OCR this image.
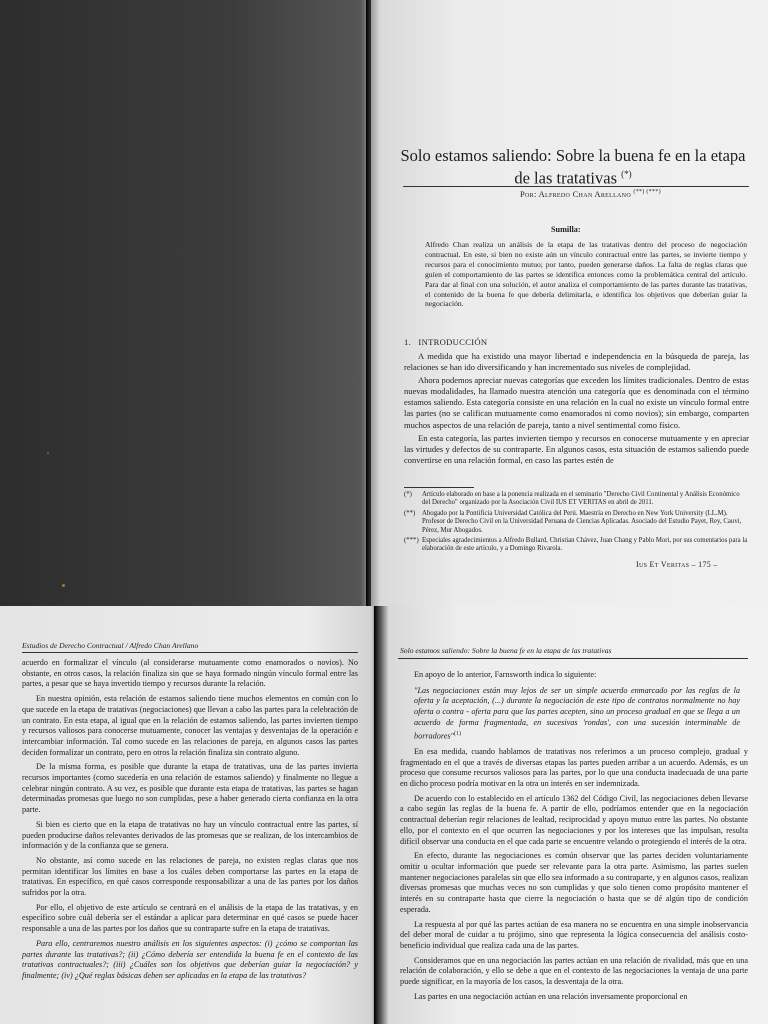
Solo estamos saliendo: Sobre la buena fe en la etapa de las tratativas (*)
Por: Alfredo Chan Arellano (**) (***)
Sumilla:
Alfredo Chan realiza un análisis de la etapa de las tratativas dentro del proceso de negociación contractual. En este, si bien no existe aún un vínculo contractual entre las partes, se invierte tiempo y recursos para el conocimiento mutuo; por tanto, pueden generarse daños. La falta de reglas claras que guíen el comportamiento de las partes se identifica entonces como la problemática central del artículo. Para dar al final con una solución, el autor analiza el comportamiento de las partes durante las tratativas, el contenido de la buena fe que debería delimitarla, e identifica los objetivos que deberían guiar la negociación.
1. INTRODUCCIÓN

A medida que ha existido una mayor libertad e independencia en la búsqueda de pareja, las relaciones se han ido diversificando y han incrementado sus niveles de complejidad.

Ahora podemos apreciar nuevas categorías que exceden los límites tradicionales. Dentro de estas nuevas modalidades, ha llamado nuestra atención una categoría que es denominada con el término estamos saliendo. Esta categoría consiste en una relación en la cual no existe un vínculo formal entre las partes (no se califican mutuamente como enamorados ni como novios); sin embargo, comparten muchos aspectos de una relación de pareja, tanto a nivel sentimental como físico.

En esta categoría, las partes invierten tiempo y recursos en conocerse mutuamente y en apreciar las virtudes y defectos de su contraparte. En algunos casos, esta situación de estamos saliendo puede convertirse en una relación formal, en caso las partes estén de

(*)	Artículo elaborado en base a la ponencia realizada en el seminario "Derecho Civil Continental y Análisis Económico del Derecho" organizado por la Asociación Civil IUS ET VERITAS en abril de 2011.
(**) Abogado por la Pontificia Universidad Católica del Perú. Maestría en Derecho en New York University (LL.M). Profesor de Derecho Civil en la Universidad Peruana de Ciencias Aplicadas. Asociado del Estudio Payet, Rey, Cauvi, Pérez, Mur Abogados.
(***) Especiales agradecimientos a Alfredo Bullard, Christian Chávez, Juan Chang y Pablo Mori, por sus comentarios para la elaboración de este artículo, y a Domingo Rivarola.
Ius Et Veritas – 175 –
Estudios de Derecho Contractual / Alfredo Chan Arellano

acuerdo en formalizar el vínculo (al considerarse mutuamente como enamorados o novios). No obstante, en otros casos, la relación finaliza sin que se haya formado ningún vínculo formal entre las partes, a pesar que se haya invertido tiempo y recursos durante la relación.

En nuestra opinión, esta relación de estamos saliendo tiene muchos elementos en común con lo que sucede en la etapa de tratativas (negociaciones) que llevan a cabo las partes para la celebración de un contrato. En esta etapa, al igual que en la relación de estamos saliendo, las partes invierten tiempo y recursos valiosos para conocerse mutuamente, conocer las ventajas y desventajas de la operación e intercambiar información. Tal como sucede en las relaciones de pareja, en algunos casos las partes deciden formalizar un contrato, pero en otros la relación finaliza sin contrato alguno.

De la misma forma, es posible que durante la etapa de tratativas, una de las partes invierta recursos importantes (como sucedería en una relación de estamos saliendo) y finalmente no llegue a celebrar ningún contrato. A su vez, es posible que durante esta etapa de tratativas, las partes se hagan determinadas promesas que luego no son cumplidas, pese a haber generado cierta confianza en la otra parte.

Si bien es cierto que en la etapa de tratativas no hay un vínculo contractual entre las partes, sí pueden producirse daños relevantes derivados de las promesas que se realizan, de los intercambios de información y de la confianza que se genera.

No obstante, así como sucede en las relaciones de pareja, no existen reglas claras que nos permitan identificar los límites en base a los cuáles deben comportarse las partes en la etapa de tratativas. En específico, en qué casos corresponde responsabilizar a una de las partes por los daños sufridos por la otra.

Por ello, el objetivo de este artículo se centrará en el análisis de la etapa de las tratativas, y en específico sobre cuál debería ser el estándar a aplicar para determinar en qué casos se puede hacer responsable a una de las partes por los daños que su contraparte sufre en la etapa de tratativas.

Para ello, centraremos nuestro análisis en los siguientes aspectos: (i) ¿cómo se comportan las partes durante las tratativas?; (ii) ¿Cómo debería ser entendida la buena fe en el contexto de las tratativas contractuales?; (iii) ¿Cuáles son los objetivos que deberían guiar la negociación? y finalmente; (iv) ¿Qué reglas básicas deben ser aplicadas en la etapa de las tratativas?

Solo estamos saliendo: Sobre la buena fe en la etapa de las tratativas

En apoyo de lo anterior, Farnsworth indica lo siguiente:

"Las negociaciones están muy lejos de ser un simple acuerdo enmarcado por las reglas de la oferta y la aceptación, (...) durante la negociación de este tipo de contratos normalmente no hay oferta o contra - oferta para que las partes acepten, sino un proceso gradual en que se llega a un acuerdo de forma fragmentada, en sucesivas 'rondas', con una sucesión interminable de borradores"$^{(1)}$

En esa medida, cuando hablamos de tratativas nos referimos a un proceso complejo, gradual y fragmentado en el que a través de diversas etapas las partes pueden arribar a un acuerdo. Además, es un proceso que consume recursos valiosos para las partes, por lo que una conducta inadecuada de una parte en dicho proceso podría motivar en la otra un interés en ser indemnizada.

De acuerdo con lo establecido en el artículo 1362 del Código Civil, las negociaciones deben llevarse a cabo según las reglas de la buena fe. A partir de ello, podríamos entender que en la negociación contractual deberían regir relaciones de lealtad, reciprocidad y apoyo mutuo entre las partes. No obstante ello, por el contexto en el que ocurren las negociaciones y por los intereses que las impulsan, resulta difícil observar una conducta en el que cada parte se encuentre velando o protegiendo el interés de la otra.

En efecto, durante las negociaciones es común observar que las partes deciden voluntariamente omitir u ocultar información que puede ser relevante para la otra parte. Asimismo, las partes suelen mantener negociaciones paralelas sin que ello sea informado a su contraparte, y en algunos casos, realizan diversas promesas que muchas veces no son cumplidas y que solo tienen como propósito mantener el interés en su contraparte hasta que cierre la negociación o hasta que se dé algún tipo de condición esperada.

La respuesta al por qué las partes actúan de esa manera no se encuentra en una simple inobservancia del deber moral de cuidar a tu prójimo, sino que representa la lógica consecuencia del análisis costo-beneficio individual que realiza cada una de las partes.

Consideramos que en una negociación las partes actúan en una relación de rivalidad, más que en una relación de colaboración, y ello se debe a que en el contexto de las negociaciones la ventaja de una parte puede significar, en la mayoría de los casos, la desventaja de la otra.

Las partes en una negociación actúan en una relación inversamente proporcional en
